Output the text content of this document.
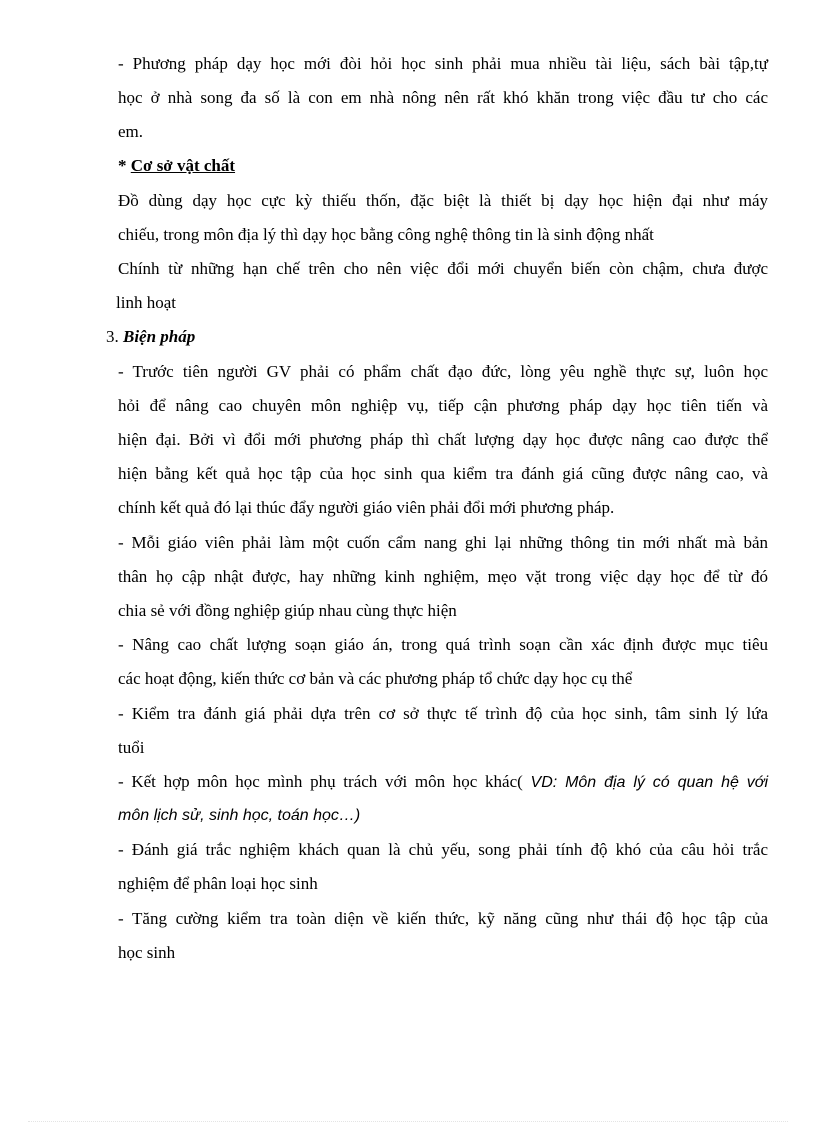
- Phương pháp dạy học mới đòi hỏi học sinh phải mua nhiều tài liệu, sách bài tập,tự
học ở nhà song đa số là con em nhà nông nên rất khó khăn trong việc đầu tư cho các
em.
* Cơ sở vật chất
Đồ dùng dạy học cực kỳ thiếu thốn, đặc biệt là thiết bị dạy học hiện đại như máy
chiếu, trong môn địa lý thì dạy học bằng công nghệ thông tin là sinh động nhất
Chính từ những hạn chế trên cho nên việc đổi mới chuyển biến còn chậm, chưa được
linh hoạt
3. Biện pháp
- Trước tiên người GV phải có phẩm chất đạo đức, lòng yêu nghề thực sự, luôn học
hỏi để nâng cao chuyên môn nghiệp vụ, tiếp cận phương pháp dạy học tiên tiến và
hiện đại. Bởi vì đổi mới phương pháp thì chất lượng dạy học được nâng cao được thể
hiện bằng kết quả học tập của học sinh qua kiểm tra đánh giá cũng được nâng cao, và
chính kết quả đó lại thúc đẩy người giáo viên phải đổi mới phương pháp.
- Mỗi giáo viên phải làm một cuốn cẩm nang ghi lại những thông tin mới nhất mà bản
thân họ cập nhật được, hay những kinh nghiệm, mẹo vặt trong việc dạy học để từ đó
chia sẻ với đồng nghiệp giúp nhau cùng thực hiện
- Nâng cao chất lượng soạn giáo án, trong quá trình soạn cần xác định được mục tiêu
các hoạt động, kiến thức cơ bản và các phương pháp tổ chức dạy học cụ thể
- Kiểm tra đánh giá phải dựa trên cơ sở thực tế trình độ của học sinh, tâm sinh lý lứa
tuổi
- Kết hợp môn học mình phụ trách với môn học khác( VD: Môn địa lý có quan hệ với
môn lịch sử, sinh học, toán học…)
- Đánh giá trắc nghiệm khách quan là chủ yếu, song phải tính độ khó của câu hỏi trắc
nghiệm để phân loại học sinh
- Tăng cường kiểm tra toàn diện về kiến thức, kỹ năng cũng như thái độ học tập của
học sinh
